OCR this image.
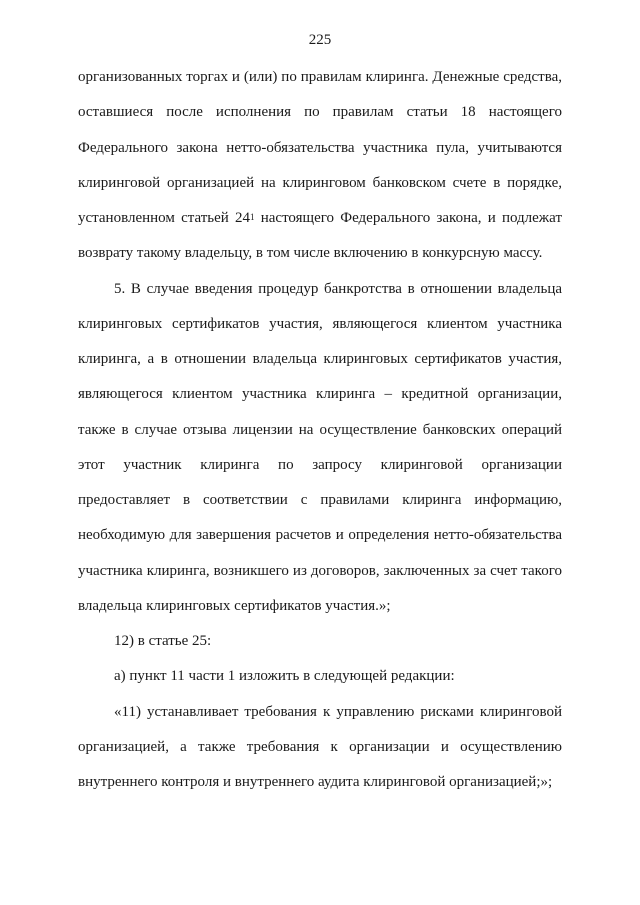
225
организованных торгах и (или) по правилам клиринга. Денежные средства,
оставшиеся после исполнения по правилам статьи 18 настоящего
Федерального закона нетто-обязательства участника пула, учитываются
клиринговой организацией на клиринговом банковском счете в порядке,
установленном статьей $24^1$ настоящего Федерального закона, и подлежат
возврату такому владельцу, в том числе включению в конкурсную массу.
5. В случае введения процедур банкротства в отношении владельца
клиринговых сертификатов участия, являющегося клиентом участника
клиринга, а в отношении владельца клиринговых сертификатов участия,
являющегося клиентом участника клиринга – кредитной организации,
также в случае отзыва лицензии на осуществление банковских операций
этот участник клиринга по запросу клиринговой организации
предоставляет в соответствии с правилами клиринга информацию,
необходимую для завершения расчетов и определения нетто-обязательства
участника клиринга, возникшего из договоров, заключенных за счет такого
владельца клиринговых сертификатов участия.»;
12) в статье 25:
а) пункт 11 части 1 изложить в следующей редакции:
«11) устанавливает требования к управлению рисками клиринговой
организацией, а также требования к организации и осуществлению
внутреннего контроля и внутреннего аудита клиринговой организацией;»;
